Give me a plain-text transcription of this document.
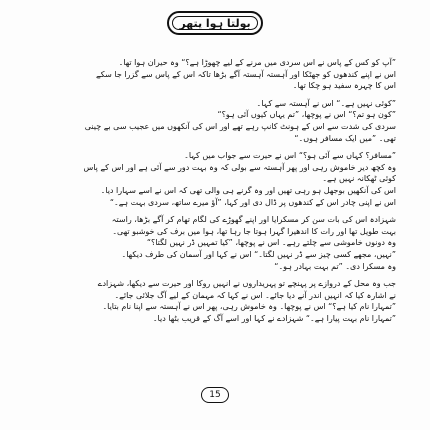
بولتا ہوا پتھر
”آپ کو کس کے پاس نے اس سردی میں مرنے کے لیے چھوڑا ہے؟“ وہ حیران ہوا تھا۔
اس نے اپنے کندھوں کو جھٹکا اور آہستہ آہستہ آگے بڑھا تاکہ اس کے پاس سے گزرا جا سکے
اس کا چہرہ سفید ہو چکا تھا۔
”کوئی نہیں ہے۔“ اس نے آہستہ سے کہا۔
”کون ہو تم؟“ اس نے پوچھا، ”تم یہاں کیوں آئی ہو؟“
سردی کی شدت سے اس کے ہونٹ کانپ رہے تھے اور اس کی آنکھوں میں عجیب سی بے چینی
تھی۔ ”میں ایک مسافر ہوں۔“
”مسافر؟ کہاں سے آئی ہو؟“ اس نے حیرت سے جواب میں کہا۔
وہ کچھ دیر خاموش رہی اور پھر آہستہ سے بولی کہ وہ بہت دور سے آئی ہے اور اس کے پاس
کوئی ٹھکانہ نہیں ہے۔
اس کی آنکھیں بوجھل ہو رہی تھیں اور وہ گرنے ہی والی تھی کہ اس نے اسے سہارا دیا۔
اس نے اپنی چادر اس کے کندھوں پر ڈال دی اور کہا، ”آؤ میرے ساتھ، سردی بہت ہے۔“
شہزادہ اس کی بات سن کر مسکرایا اور اپنے گھوڑے کی لگام تھام کر آگے بڑھا، راستہ
بہت طویل تھا اور رات کا اندھیرا گہرا ہوتا جا رہا تھا، ہوا میں برف کی خوشبو تھی۔
وہ دونوں خاموشی سے چلتے رہے۔ اس نے پوچھا، ”کیا تمہیں ڈر نہیں لگتا؟“
”نہیں، مجھے کسی چیز سے ڈر نہیں لگتا۔“ اس نے کہا اور آسمان کی طرف دیکھا۔
وہ مسکرا دی۔ ”تم بہت بہادر ہو۔“
جب وہ محل کے دروازے پر پہنچے تو پہریداروں نے انہیں روکا اور حیرت سے دیکھا، شہزادے
نے اشارہ کیا کہ انہیں اندر آنے دیا جائے۔ اس نے کہا کہ مہمان کے لیے آگ جلائی جائے۔
”تمہارا نام کیا ہے؟“ اس نے پوچھا۔ وہ خاموش رہی، پھر اس نے آہستہ سے اپنا نام بتایا۔
”تمہارا نام بہت پیارا ہے۔“ شہزادے نے کہا اور اسے آگ کے قریب بٹھا دیا۔
15
